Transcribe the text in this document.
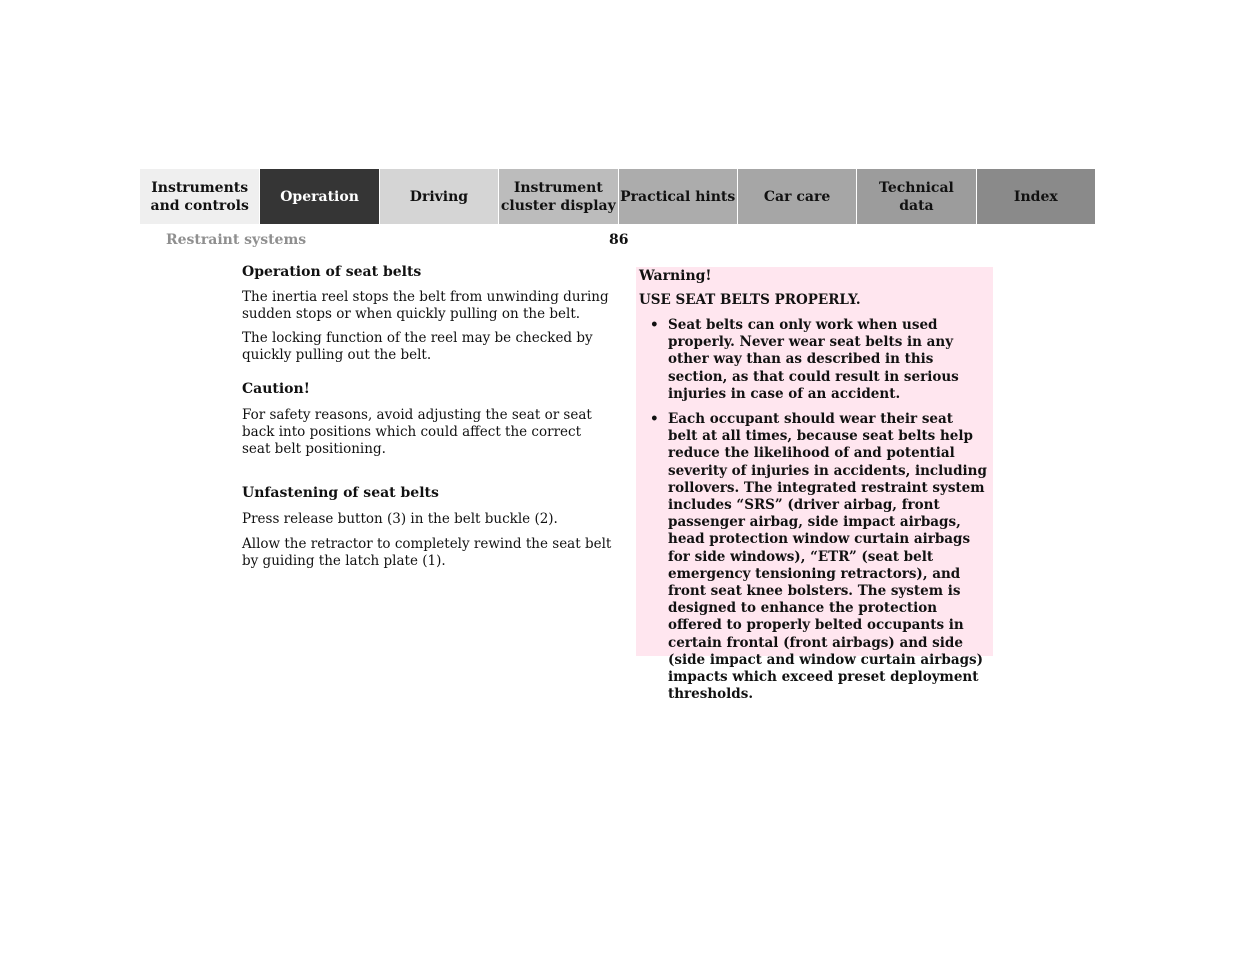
Instruments
and controls
Operation	Driving
Instrument
cluster display
Practical hints	Car care
Technical
data
Index
Restraint systems	86
Operation of seat belts

The inertia reel stops the belt from unwinding during sudden stops or when quickly pulling on the belt.

The locking function of the reel may be checked by quickly pulling out the belt.

Caution!

For safety reasons, avoid adjusting the seat or seat back into positions which could affect the correct seat belt positioning.

Unfastening of seat belts

Press release button (3) in the belt buckle (2).

Allow the retractor to completely rewind the seat belt by guiding the latch plate (1).

Warning!
USE SEAT BELTS PROPERLY.
• Seat belts can only work when used properly. Never wear seat belts in any other way than as described in this section, as that could result in serious injuries in case of an accident.
• Each occupant should wear their seat belt at all times, because seat belts help reduce the likelihood of and potential severity of injuries in accidents, including rollovers. The integrated restraint system includes “SRS” (driver airbag, front passenger airbag, side impact airbags, head protection window curtain airbags for side windows), “ETR” (seat belt emergency tensioning retractors), and front seat knee bolsters. The system is designed to enhance the protection offered to properly belted occupants in certain frontal (front airbags) and side (side impact and window curtain airbags) impacts which exceed preset deployment thresholds.
